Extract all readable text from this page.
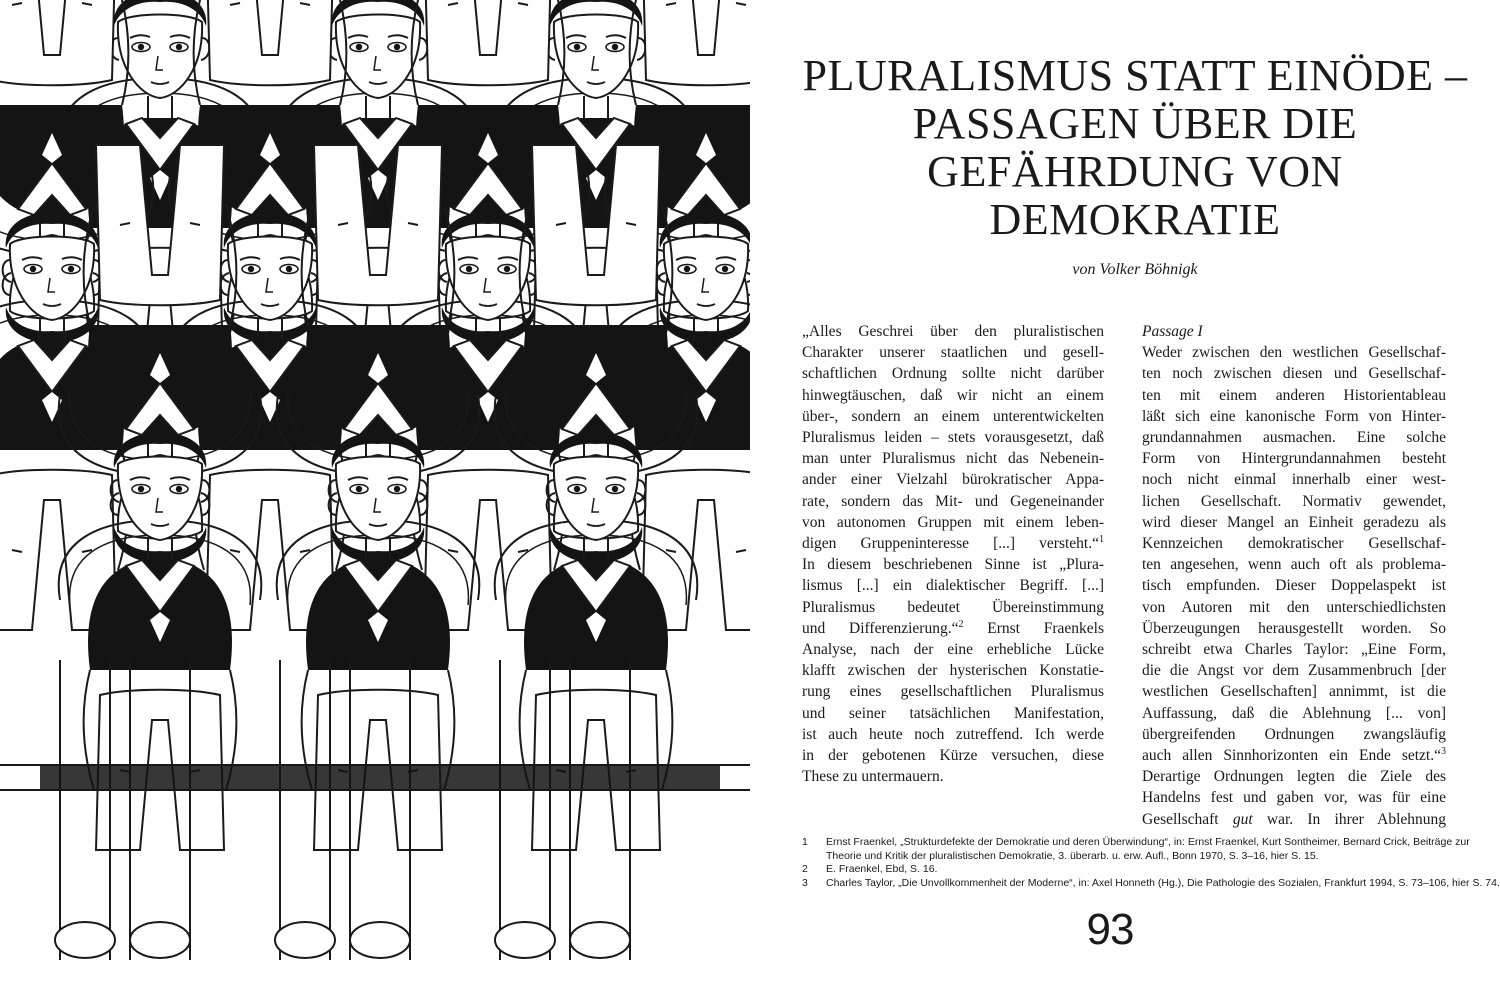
PLURALISMUS STATT EINÖDE –
PASSAGEN ÜBER DIE
GEFÄHRDUNG VON
DEMOKRATIE
von Volker Böhnigk
„Alles Geschrei über den pluralistischen
Charakter unserer staatlichen und gesell-
schaftlichen Ordnung sollte nicht darüber
hinwegtäuschen, daß wir nicht an einem
über-, sondern an einem unterentwickelten
Pluralismus leiden – stets vorausgesetzt, daß
man unter Pluralismus nicht das Nebenein-
ander einer Vielzahl bürokratischer Appa-
rate, sondern das Mit- und Gegeneinander
von autonomen Gruppen mit einem leben-
digen Gruppeninteresse [...] versteht.“$^1$
In diesem beschriebenen Sinne ist „Plura-
lismus [...] ein dialektischer Begriff. [...]
Pluralismus bedeutet Übereinstimmung
und Differenzierung.“$^2$ Ernst Fraenkels
Analyse, nach der eine erhebliche Lücke
klafft zwischen der hysterischen Konstatie-
rung eines gesellschaftlichen Pluralismus
und seiner tatsächlichen Manifestation,
ist auch heute noch zutreffend. Ich werde
in der gebotenen Kürze versuchen, diese
These zu untermauern.
Passage I
Weder zwischen den westlichen Gesellschaf-
ten noch zwischen diesen und Gesellschaf-
ten mit einem anderen Historientableau
läßt sich eine kanonische Form von Hinter-
grundannahmen ausmachen. Eine solche
Form von Hintergrundannahmen besteht
noch nicht einmal innerhalb einer west-
lichen Gesellschaft. Normativ gewendet,
wird dieser Mangel an Einheit geradezu als
Kennzeichen demokratischer Gesellschaf-
ten angesehen, wenn auch oft als problema-
tisch empfunden. Dieser Doppelaspekt ist
von Autoren mit den unterschiedlichsten
Überzeugungen herausgestellt worden. So
schreibt etwa Charles Taylor: „Eine Form,
die die Angst vor dem Zusammenbruch [der
westlichen Gesellschaften] annimmt, ist die
Auffassung, daß die Ablehnung [... von]
übergreifenden Ordnungen zwangsläufig
auch allen Sinnhorizonten ein Ende setzt.“$^3$
Derartige Ordnungen legten die Ziele des
Handelns fest und gaben vor, was für eine
Gesellschaft gut war. In ihrer Ablehnung
1	Ernst Fraenkel, „Strukturdefekte der Demokratie und deren Überwindung“, in: Ernst Fraenkel, Kurt Sontheimer, Bernard Crick, Beiträge zur
Theorie und Kritik der pluralistischen Demokratie, 3. überarb. u. erw. Aufl., Bonn 1970, S. 3–16, hier S. 15.
2	E. Fraenkel, Ebd, S. 16.
3	Charles Taylor, „Die Unvollkommenheit der Moderne“, in: Axel Honneth (Hg.), Die Pathologie des Sozialen, Frankfurt 1994, S. 73–106, hier S. 74.
93
